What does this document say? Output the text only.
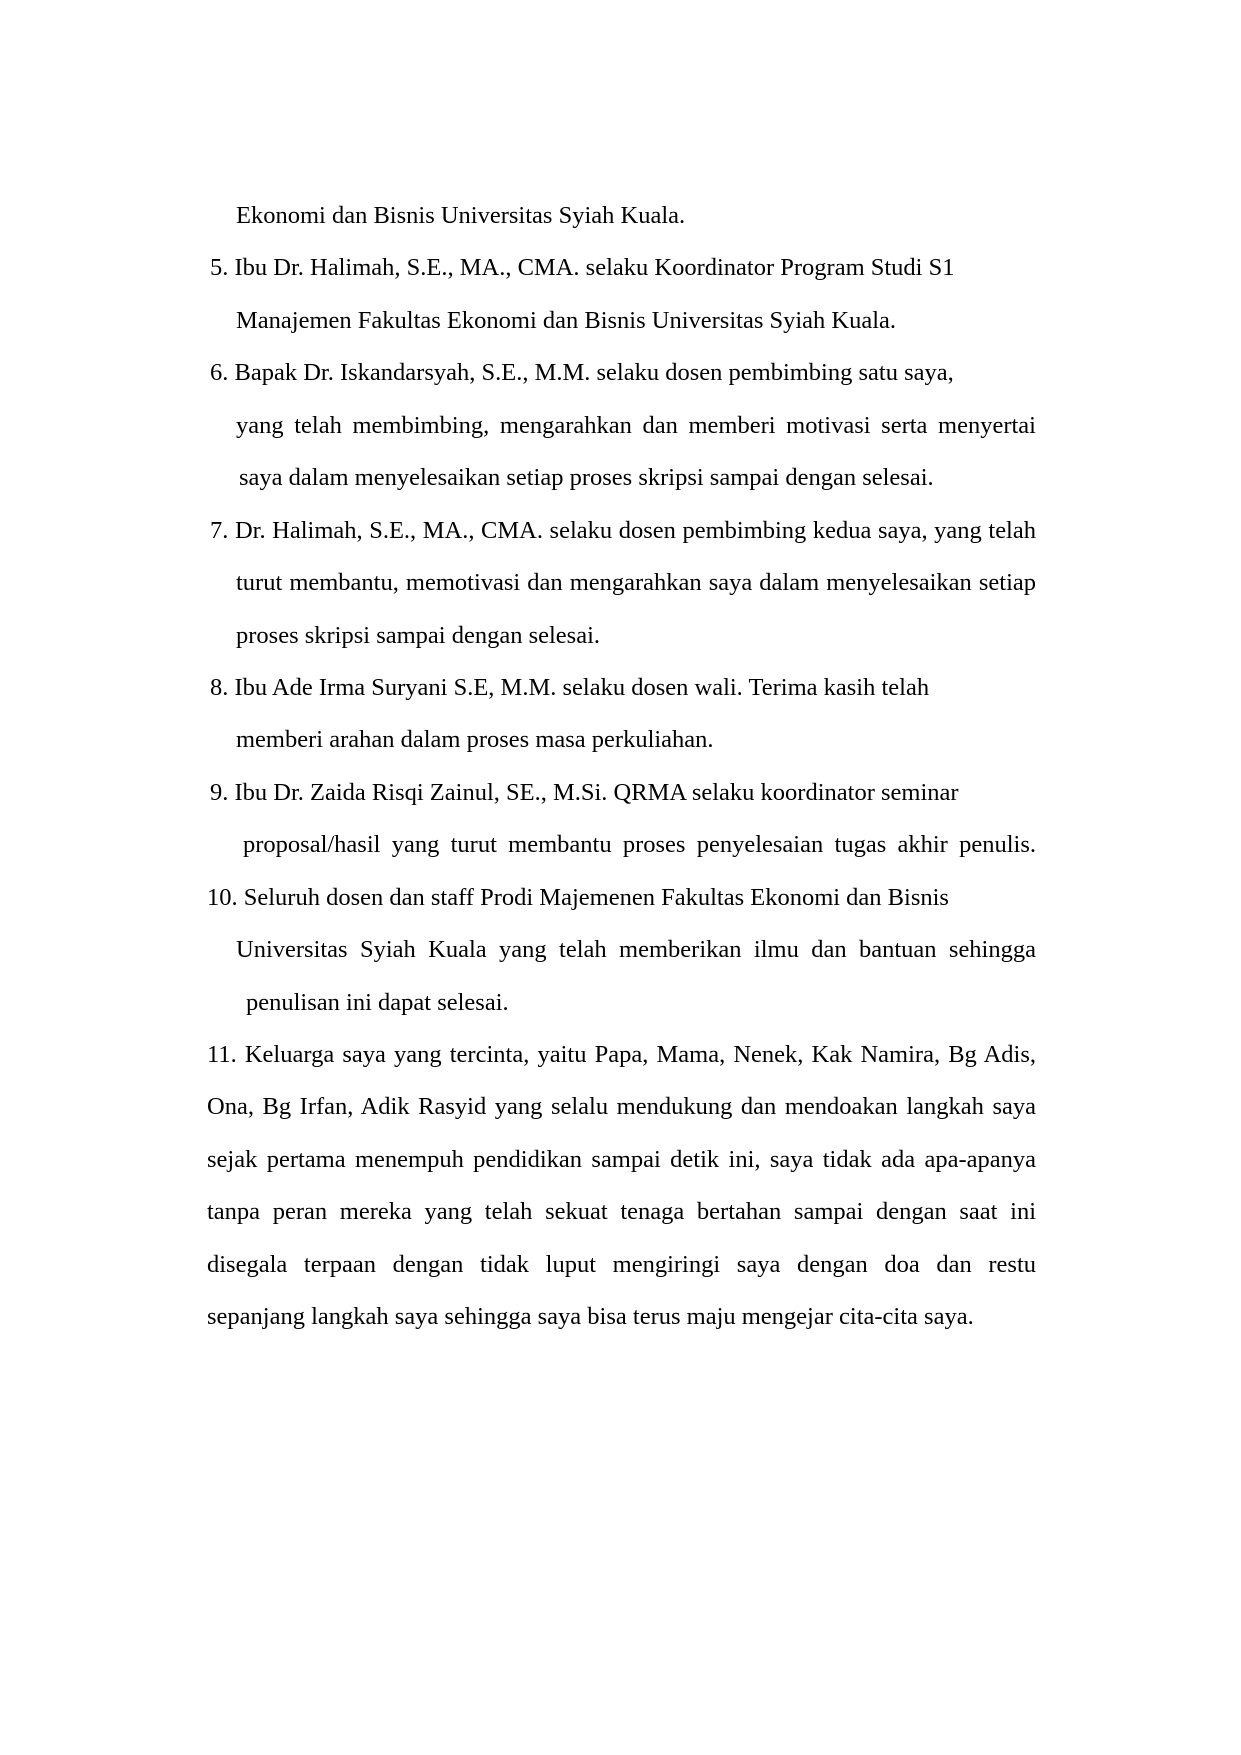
Ekonomi dan Bisnis Universitas Syiah Kuala.
5. Ibu Dr. Halimah, S.E., MA., CMA. selaku Koordinator Program Studi S1
Manajemen Fakultas Ekonomi dan Bisnis Universitas Syiah Kuala.
6. Bapak Dr. Iskandarsyah, S.E., M.M. selaku dosen pembimbing satu saya,
yang telah membimbing, mengarahkan dan memberi motivasi serta menyertai
saya dalam menyelesaikan setiap proses skripsi sampai dengan selesai.
7. Dr. Halimah, S.E., MA., CMA. selaku dosen pembimbing kedua saya, yang telah
turut membantu, memotivasi dan mengarahkan saya dalam menyelesaikan setiap
proses skripsi sampai dengan selesai.
8. Ibu Ade Irma Suryani S.E, M.M. selaku dosen wali. Terima kasih telah
memberi arahan dalam proses masa perkuliahan.
9. Ibu Dr. Zaida Risqi Zainul, SE., M.Si. QRMA selaku koordinator seminar
proposal/hasil yang turut membantu proses penyelesaian tugas akhir penulis.
10. Seluruh dosen dan staff Prodi Majemenen Fakultas Ekonomi dan Bisnis
Universitas Syiah Kuala yang telah memberikan ilmu dan bantuan sehingga
penulisan ini dapat selesai.
11. Keluarga saya yang tercinta, yaitu Papa, Mama, Nenek, Kak Namira, Bg Adis,
Ona, Bg Irfan, Adik Rasyid yang selalu mendukung dan mendoakan langkah saya
sejak pertama menempuh pendidikan sampai detik ini, saya tidak ada apa-apanya
tanpa peran mereka yang telah sekuat tenaga bertahan sampai dengan saat ini
disegala terpaan dengan tidak luput mengiringi saya dengan doa dan restu
sepanjang langkah saya sehingga saya bisa terus maju mengejar cita-cita saya.
